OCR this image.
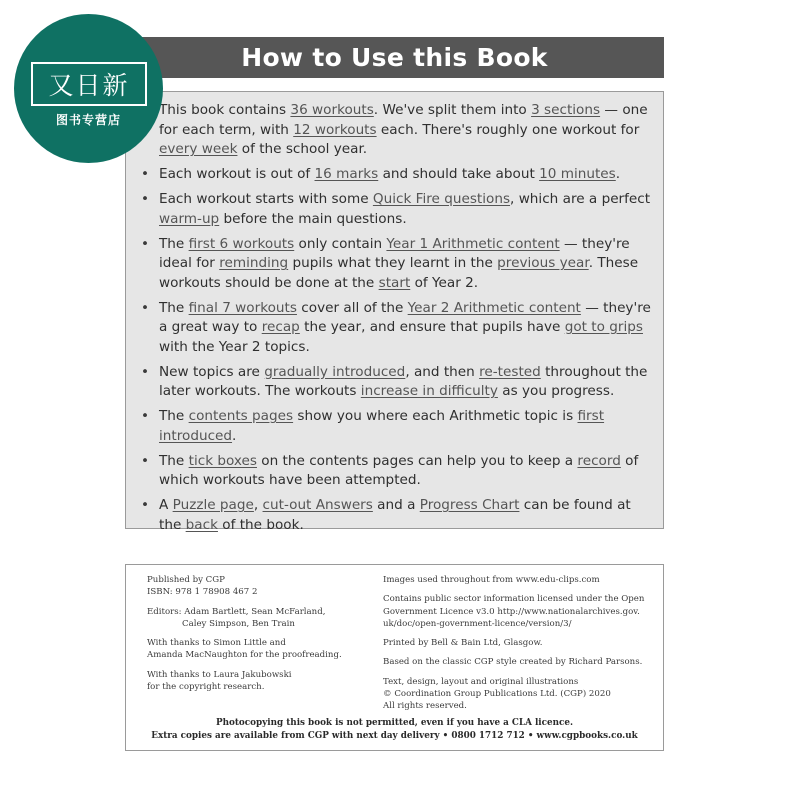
How to Use this Book
• This book contains 36 workouts. We've split them into 3 sections — one for each term, with 12 workouts each. There's roughly one workout for every week of the school year.
• Each workout is out of 16 marks and should take about 10 minutes.
• Each workout starts with some Quick Fire questions, which are a perfect warm-up before the main questions.
• The first 6 workouts only contain Year 1 Arithmetic content — they're ideal for reminding pupils what they learnt in the previous year. These workouts should be done at the start of Year 2.
• The final 7 workouts cover all of the Year 2 Arithmetic content — they're a great way to recap the year, and ensure that pupils have got to grips with the Year 2 topics.
• New topics are gradually introduced, and then re-tested throughout the later workouts. The workouts increase in difficulty as you progress.
• The contents pages show you where each Arithmetic topic is first introduced.
• The tick boxes on the contents pages can help you to keep a record of which workouts have been attempted.
• A Puzzle page, cut-out Answers and a Progress Chart can be found at the back of the book.

Published by CGP
ISBN: 978 1 78908 467 2

Editors: Adam Bartlett, Sean McFarland,

Caley Simpson, Ben Train

With thanks to Simon Little and
Amanda MacNaughton for the proofreading.

With thanks to Laura Jakubowski
for the copyright research.

Images used throughout from www.edu-clips.com

Contains public sector information licensed under the Open
Government Licence v3.0 http://www.nationalarchives.gov.
uk/doc/open-government-licence/version/3/

Printed by Bell & Bain Ltd, Glasgow.

Based on the classic CGP style created by Richard Parsons.

Text, design, layout and original illustrations
© Coordination Group Publications Ltd. (CGP) 2020
All rights reserved.

Photocopying this book is not permitted, even if you have a CLA licence.
Extra copies are available from CGP with next day delivery • 0800 1712 712 • www.cgpbooks.co.uk
又日新
图书专营店
